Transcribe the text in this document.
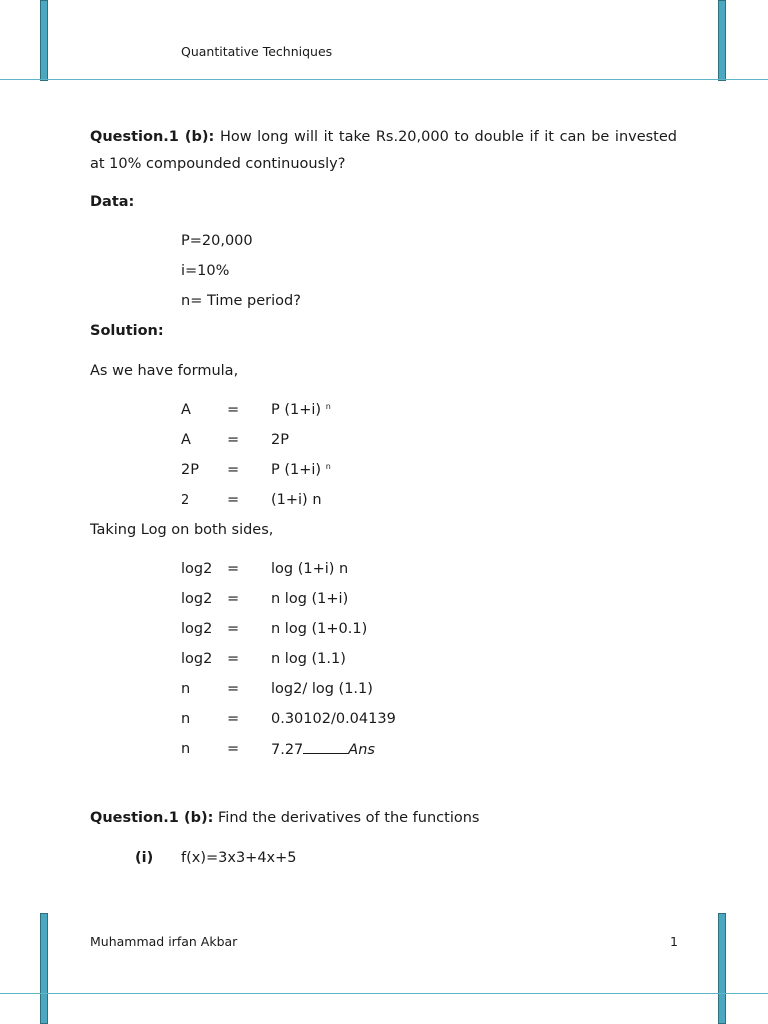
Quantitative Techniques
Question.1 (b): How long will it take Rs.20,000 to double if it can be invested at 10% compounded continuously?
Data:
P=20,000
i=10%
n= Time period?
Solution:
As we have formula,
A = P (1+i) $^n$
A = 2P
2P = P (1+i) $^n$
2	= (1+i) n
Taking Log on both sides,
log2 = log (1+i) n
log2 = n log (1+i)
log2 = n log (1+0.1)
log2 = n log (1.1)
n	= log2/ log (1.1)
n	= 0.30102/0.04139
n	= 7.27	Ans
Question.1 (b): Find the derivatives of the functions
(i) f(x)=3x3+4x+5
Muhammad irfan Akbar	1
